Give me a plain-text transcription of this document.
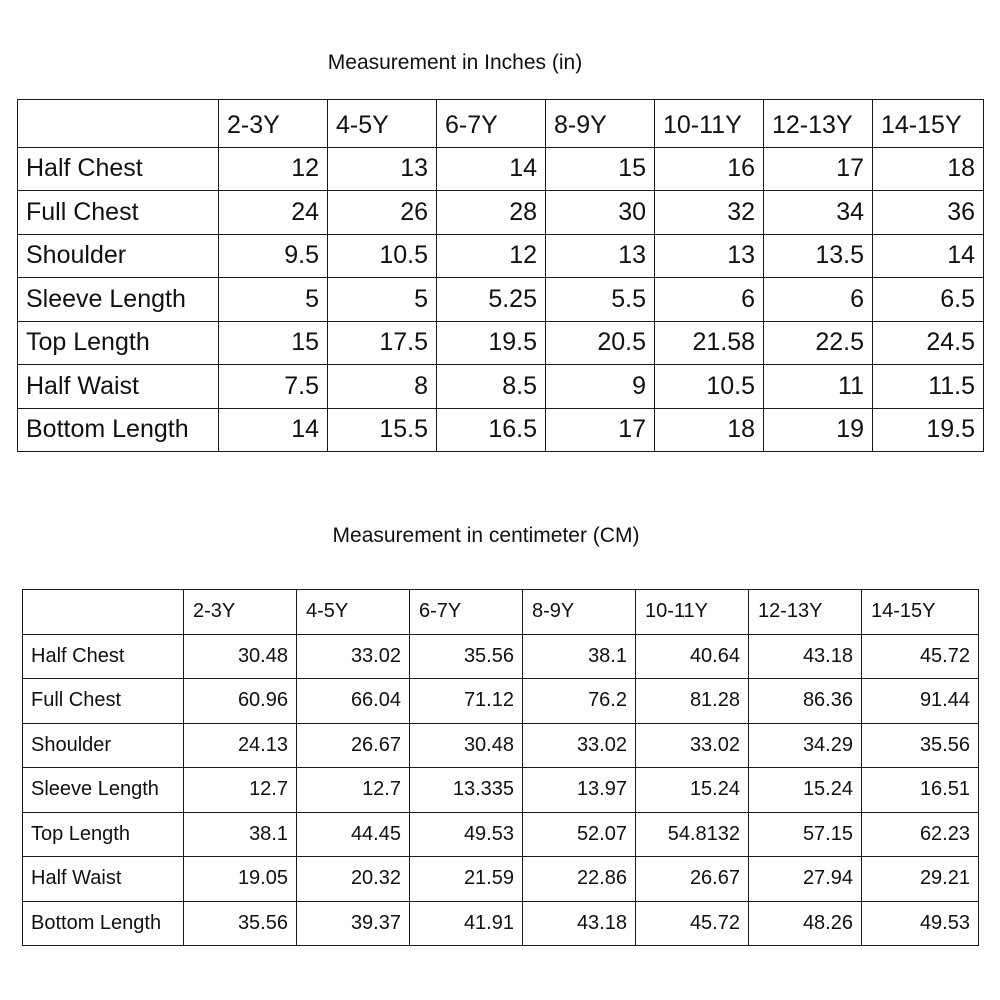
Measurement in Inches (in)
	2-3Y	4-5Y	6-7Y	8-9Y	10-11Y	12-13Y	14-15Y
Half Chest	12	13	14	15	16	17	18
Full Chest	24	26	28	30	32	34	36
Shoulder	9.5	10.5	12	13	13	13.5	14
Sleeve Length	5	5	5.25	5.5	6	6	6.5
Top Length	15	17.5	19.5	20.5	21.58	22.5	24.5
Half Waist	7.5	8	8.5	9	10.5	11	11.5
Bottom Length	14	15.5	16.5	17	18	19	19.5
Measurement in centimeter (CM)
	2-3Y	4-5Y	6-7Y	8-9Y	10-11Y	12-13Y	14-15Y
Half Chest	30.48	33.02	35.56	38.1	40.64	43.18	45.72
Full Chest	60.96	66.04	71.12	76.2	81.28	86.36	91.44
Shoulder	24.13	26.67	30.48	33.02	33.02	34.29	35.56
Sleeve Length	12.7	12.7	13.335	13.97	15.24	15.24	16.51
Top Length	38.1	44.45	49.53	52.07	54.8132	57.15	62.23
Half Waist	19.05	20.32	21.59	22.86	26.67	27.94	29.21
Bottom Length	35.56	39.37	41.91	43.18	45.72	48.26	49.53
